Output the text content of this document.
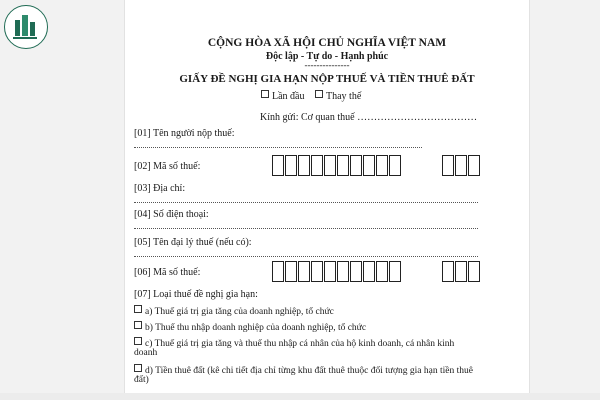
CỘNG HÒA XÃ HỘI CHỦ NGHĨA VIỆT NAM
Độc lập - Tự do - Hạnh phúc
---------------
GIẤY ĐỀ NGHỊ GIA HẠN NỘP THUẾ VÀ TIỀN THUÊ ĐẤT
Lần đầu	Thay thế
Kính gửi: Cơ quan thuế ………………………………
[01] Tên người nộp thuế:
[02] Mã số thuế:
[03] Địa chỉ:
[04] Số điện thoại:
[05] Tên đại lý thuế (nếu có):
[06] Mã số thuế:
[07] Loại thuế đề nghị gia hạn:
a) Thuế giá trị gia tăng của doanh nghiệp, tổ chức
b) Thuế thu nhập doanh nghiệp của doanh nghiệp, tổ chức
c) Thuế giá trị gia tăng và thuế thu nhập cá nhân của hộ kinh doanh, cá nhân kinh
doanh
d) Tiền thuê đất (kê chi tiết địa chỉ từng khu đất thuê thuộc đối tượng gia hạn tiền thuê
đất)
